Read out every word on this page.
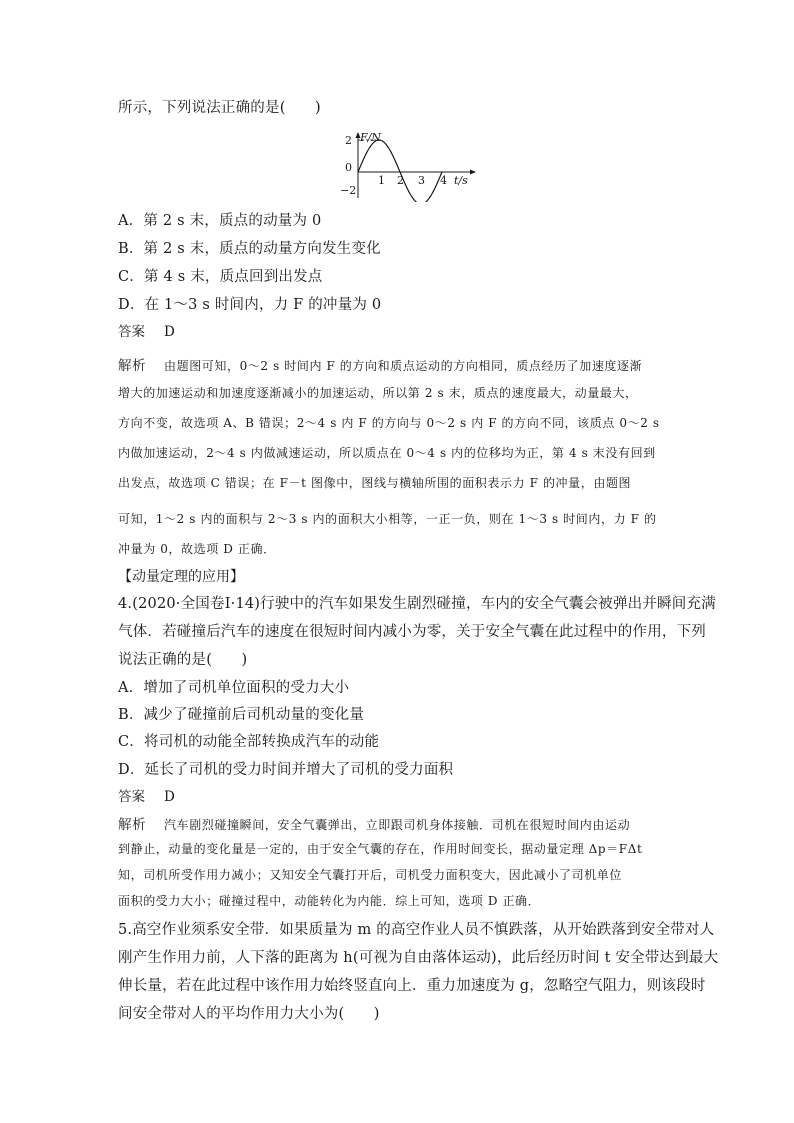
所示，下列说法正确的是(　　)
F/N
2
0
−2
1 2 3 4 t/s
A．第 2 s 末，质点的动量为 0
B．第 2 s 末，质点的动量方向发生变化
C．第 4 s 末，质点回到出发点
D．在 1～3 s 时间内，力 F 的冲量为 0
答案 D
解析 由题图可知，0～2 s 时间内 F 的方向和质点运动的方向相同，质点经历了加速度逐渐
增大的加速运动和加速度逐渐减小的加速运动，所以第 2 s 末，质点的速度最大，动量最大，
方向不变，故选项 A、B 错误；2～4 s 内 F 的方向与 0～2 s 内 F 的方向不同，该质点 0～2 s
内做加速运动，2～4 s 内做减速运动，所以质点在 0～4 s 内的位移均为正，第 4 s 末没有回到
出发点，故选项 C 错误；在 F－t 图像中，图线与横轴所围的面积表示力 F 的冲量，由题图
可知，1～2 s 内的面积与 2～3 s 内的面积大小相等，一正一负，则在 1～3 s 时间内，力 F 的
冲量为 0，故选项 D 正确．
【动量定理的应用】
4.(2020·全国卷Ⅰ·14)行驶中的汽车如果发生剧烈碰撞，车内的安全气囊会被弹出并瞬间充满
气体．若碰撞后汽车的速度在很短时间内减小为零，关于安全气囊在此过程中的作用，下列
说法正确的是(　　)
A．增加了司机单位面积的受力大小
B．减少了碰撞前后司机动量的变化量
C．将司机的动能全部转换成汽车的动能
D．延长了司机的受力时间并增大了司机的受力面积
答案 D
解析 汽车剧烈碰撞瞬间，安全气囊弹出，立即跟司机身体接触．司机在很短时间内由运动
到静止，动量的变化量是一定的，由于安全气囊的存在，作用时间变长，据动量定理 Δp＝FΔt
知，司机所受作用力减小；又知安全气囊打开后，司机受力面积变大，因此减小了司机单位
面积的受力大小；碰撞过程中，动能转化为内能．综上可知，选项 D 正确．
5.高空作业须系安全带．如果质量为 m 的高空作业人员不慎跌落，从开始跌落到安全带对人
刚产生作用力前，人下落的距离为 h(可视为自由落体运动)，此后经历时间 t 安全带达到最大
伸长量，若在此过程中该作用力始终竖直向上．重力加速度为 g，忽略空气阻力，则该段时
间安全带对人的平均作用力大小为(　　)
